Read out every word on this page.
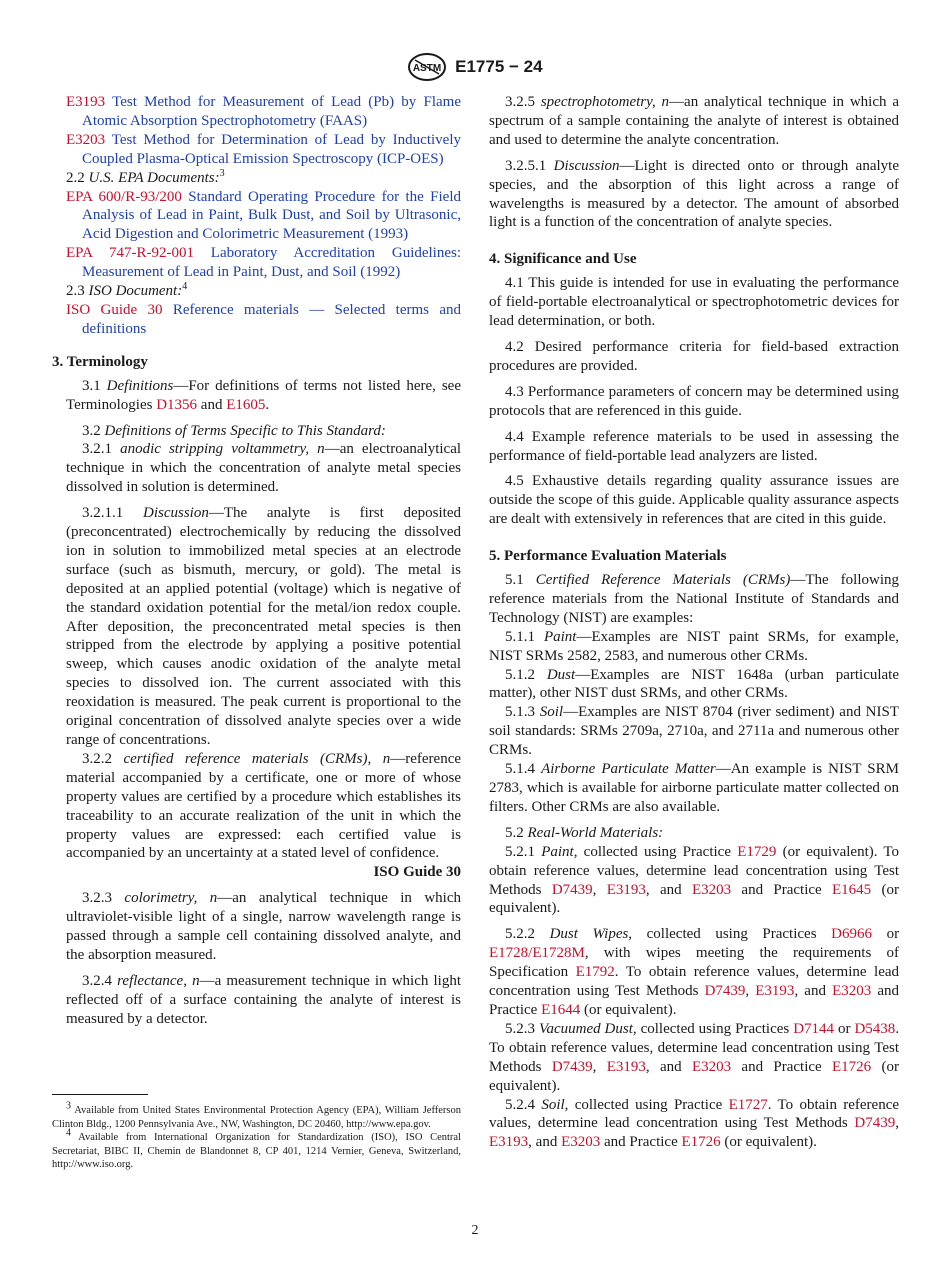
ASTM E1775 − 24

E3193 Test Method for Measurement of Lead (Pb) by Flame Atomic Absorption Spectrophotometry (FAAS)

E3203 Test Method for Determination of Lead by Inductively Coupled Plasma-Optical Emission Spectroscopy (ICP-OES)

2.2 U.S. EPA Documents:$^3$

EPA 600/R-93/200 Standard Operating Procedure for the Field Analysis of Lead in Paint, Bulk Dust, and Soil by Ultrasonic, Acid Digestion and Colorimetric Measurement (1993)

EPA 747-R-92-001 Laboratory Accreditation Guidelines: Measurement of Lead in Paint, Dust, and Soil (1992)

2.3 ISO Document:$^4$

ISO Guide 30 Reference materials — Selected terms and definitions

3. Terminology

3.1 Definitions—For definitions of terms not listed here, see Terminologies D1356 and E1605.

3.2 Definitions of Terms Specific to This Standard:

3.2.1 anodic stripping voltammetry, n—an electroanalytical technique in which the concentration of analyte metal species dissolved in solution is determined.

3.2.1.1 Discussion—The analyte is first deposited (preconcentrated) electrochemically by reducing the dissolved ion in solution to immobilized metal species at an electrode surface (such as bismuth, mercury, or gold). The metal is deposited at an applied potential (voltage) which is negative of the standard oxidation potential for the metal/ion redox couple. After deposition, the preconcentrated metal species is then stripped from the electrode by applying a positive potential sweep, which causes anodic oxidation of the analyte metal species to dissolved ion. The current associated with this reoxidation is measured. The peak current is proportional to the original concentration of dissolved analyte species over a wide range of concentrations.

3.2.2 certified reference materials (CRMs), n—reference material accompanied by a certificate, one or more of whose property values are certified by a procedure which establishes its traceability to an accurate realization of the unit in which the property values are expressed: each certified value is accompanied by an uncertainty at a stated level of confidence.

ISO Guide 30

3.2.3 colorimetry, n—an analytical technique in which ultraviolet-visible light of a single, narrow wavelength range is passed through a sample cell containing dissolved analyte, and the absorption measured.

3.2.4 reflectance, n—a measurement technique in which light reflected off of a surface containing the analyte of interest is measured by a detector.

3.2.5 spectrophotometry, n—an analytical technique in which a spectrum of a sample containing the analyte of interest is obtained and used to determine the analyte concentration.

3.2.5.1 Discussion—Light is directed onto or through analyte species, and the absorption of this light across a range of wavelengths is measured by a detector. The amount of absorbed light is a function of the concentration of analyte species.

4. Significance and Use

4.1 This guide is intended for use in evaluating the performance of field-portable electroanalytical or spectrophotometric devices for lead determination, or both.

4.2 Desired performance criteria for field-based extraction procedures are provided.

4.3 Performance parameters of concern may be determined using protocols that are referenced in this guide.

4.4 Example reference materials to be used in assessing the performance of field-portable lead analyzers are listed.

4.5 Exhaustive details regarding quality assurance issues are outside the scope of this guide. Applicable quality assurance aspects are dealt with extensively in references that are cited in this guide.

5. Performance Evaluation Materials

5.1 Certified Reference Materials (CRMs)—The following reference materials from the National Institute of Standards and Technology (NIST) are examples:

5.1.1 Paint—Examples are NIST paint SRMs, for example, NIST SRMs 2582, 2583, and numerous other CRMs.

5.1.2 Dust—Examples are NIST 1648a (urban particulate matter), other NIST dust SRMs, and other CRMs.

5.1.3 Soil—Examples are NIST 8704 (river sediment) and NIST soil standards: SRMs 2709a, 2710a, and 2711a and numerous other CRMs.

5.1.4 Airborne Particulate Matter—An example is NIST SRM 2783, which is available for airborne particulate matter collected on filters. Other CRMs are also available.

5.2 Real-World Materials:

5.2.1 Paint, collected using Practice E1729 (or equivalent). To obtain reference values, determine lead concentration using Test Methods D7439, E3193, and E3203 and Practice E1645 (or equivalent).

5.2.2 Dust Wipes, collected using Practices D6966 or E1728/E1728M, with wipes meeting the requirements of Specification E1792. To obtain reference values, determine lead concentration using Test Methods D7439, E3193, and E3203 and Practice E1644 (or equivalent).

5.2.3 Vacuumed Dust, collected using Practices D7144 or D5438. To obtain reference values, determine lead concentration using Test Methods D7439, E3193, and E3203 and Practice E1726 (or equivalent).

5.2.4 Soil, collected using Practice E1727. To obtain reference values, determine lead concentration using Test Methods D7439, E3193, and E3203 and Practice E1726 (or equivalent).

$^3$ Available from United States Environmental Protection Agency (EPA), William Jefferson Clinton Bldg., 1200 Pennsylvania Ave., NW, Washington, DC 20460, http://www.epa.gov.

$^4$ Available from International Organization for Standardization (ISO), ISO Central Secretariat, BIBC II, Chemin de Blandonnet 8, CP 401, 1214 Vernier, Geneva, Switzerland, http://www.iso.org.

2
